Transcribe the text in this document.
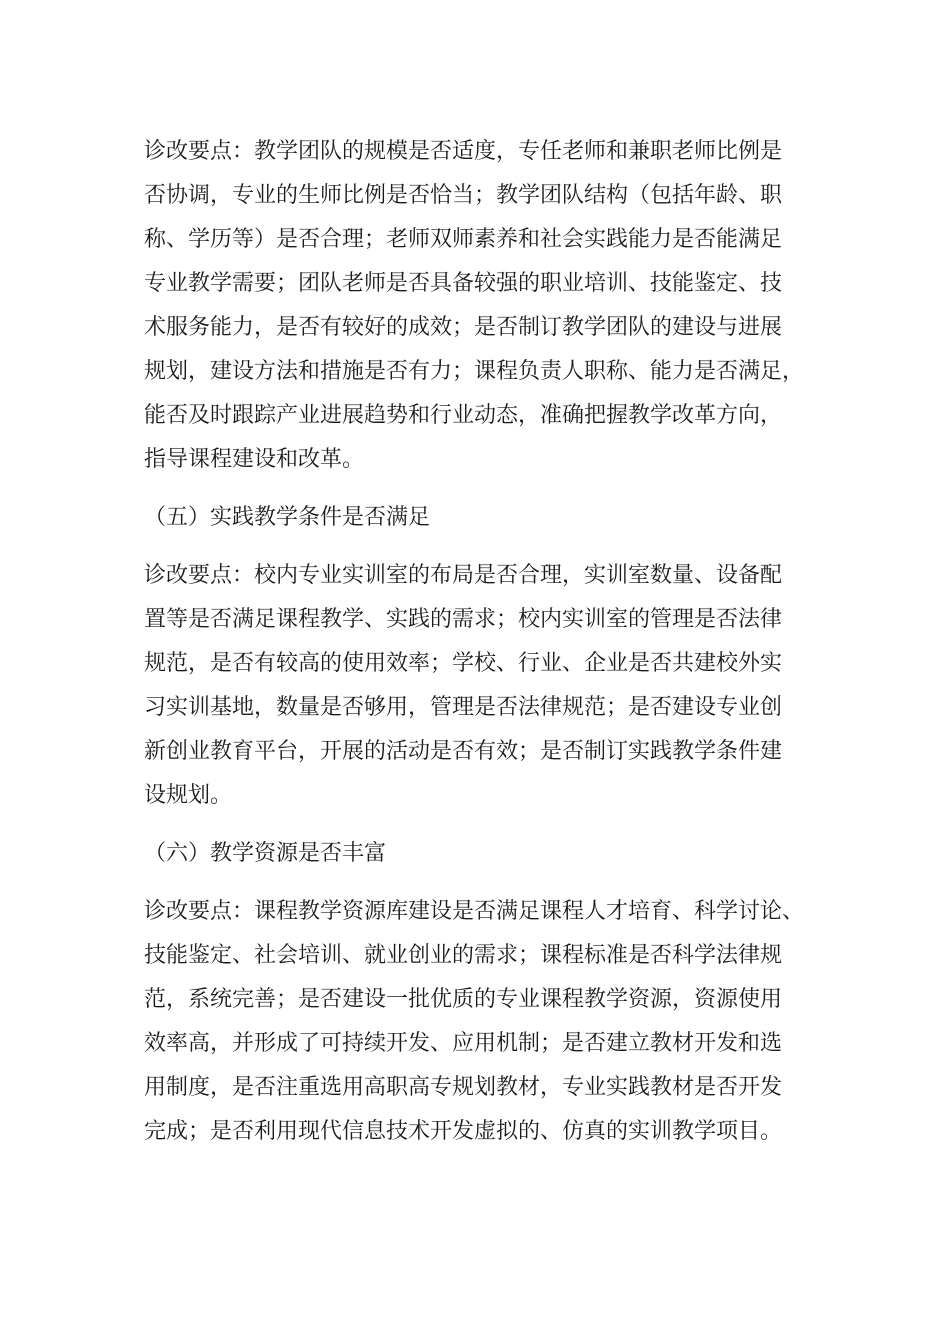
诊改要点：教学团队的规模是否适度，专任老师和兼职老师比例是
否协调，专业的生师比例是否恰当；教学团队结构（包括年龄、职
称、学历等）是否合理；老师双师素养和社会实践能力是否能满足
专业教学需要；团队老师是否具备较强的职业培训、技能鉴定、技
术服务能力，是否有较好的成效；是否制订教学团队的建设与进展
规划，建设方法和措施是否有力；课程负责人职称、能力是否满足，
能否及时跟踪产业进展趋势和行业动态，准确把握教学改革方向，
指导课程建设和改革。
（五）实践教学条件是否满足
诊改要点：校内专业实训室的布局是否合理，实训室数量、设备配
置等是否满足课程教学、实践的需求；校内实训室的管理是否法律
规范，是否有较高的使用效率；学校、行业、企业是否共建校外实
习实训基地，数量是否够用，管理是否法律规范；是否建设专业创
新创业教育平台，开展的活动是否有效；是否制订实践教学条件建
设规划。
（六）教学资源是否丰富
诊改要点：课程教学资源库建设是否满足课程人才培育、科学讨论、
技能鉴定、社会培训、就业创业的需求；课程标准是否科学法律规
范，系统完善；是否建设一批优质的专业课程教学资源，资源使用
效率高，并形成了可持续开发、应用机制；是否建立教材开发和选
用制度，是否注重选用高职高专规划教材，专业实践教材是否开发
完成；是否利用现代信息技术开发虚拟的、仿真的实训教学项目。
